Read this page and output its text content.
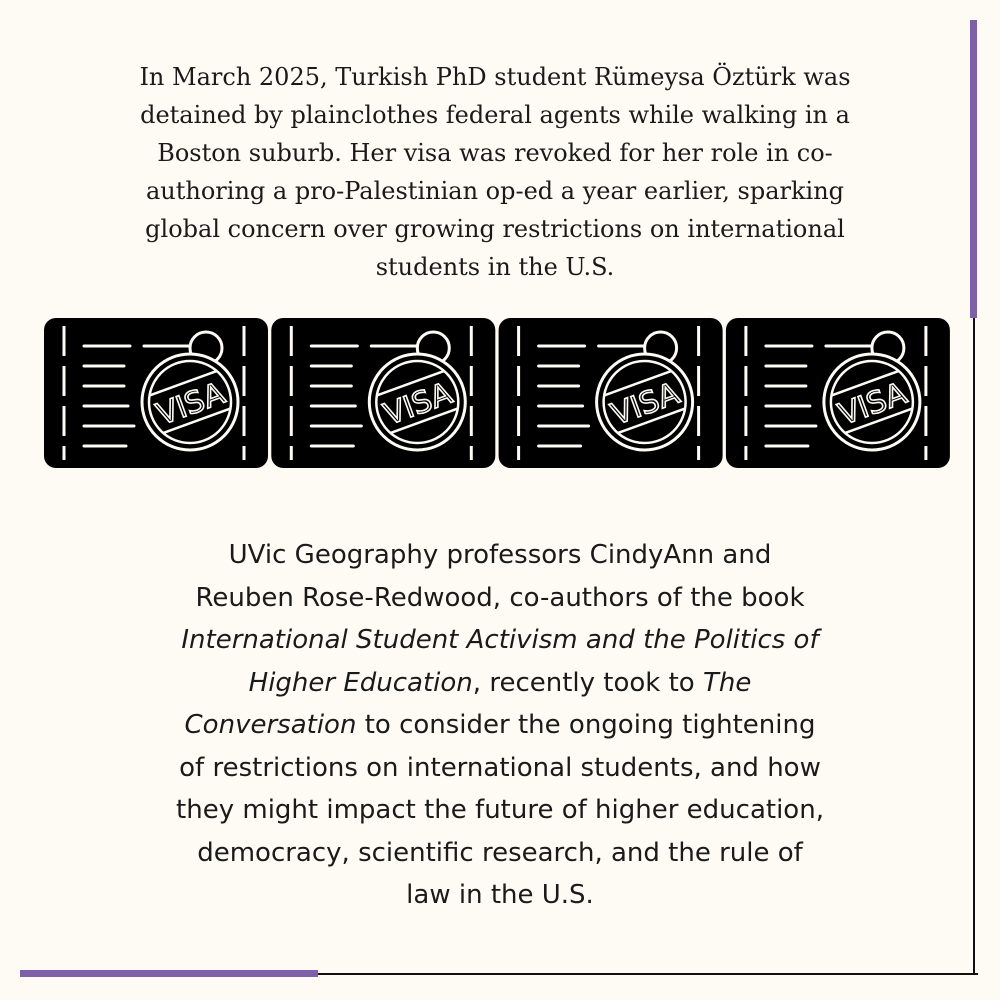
In March 2025, Turkish PhD student Rümeysa Öztürk was
detained by plainclothes federal agents while walking in a
Boston suburb. Her visa was revoked for her role in co-
authoring a pro-Palestinian op-ed a year earlier, sparking
global concern over growing restrictions on international
students in the U.S.

VISA	VISA	VISA	VISA

UVic Geography professors CindyAnn and
Reuben Rose-Redwood, co-authors of the book
International Student Activism and the Politics of
Higher Education, recently took to The
Conversation to consider the ongoing tightening
of restrictions on international students, and how
they might impact the future of higher education,
democracy, scientific research, and the rule of
law in the U.S.
